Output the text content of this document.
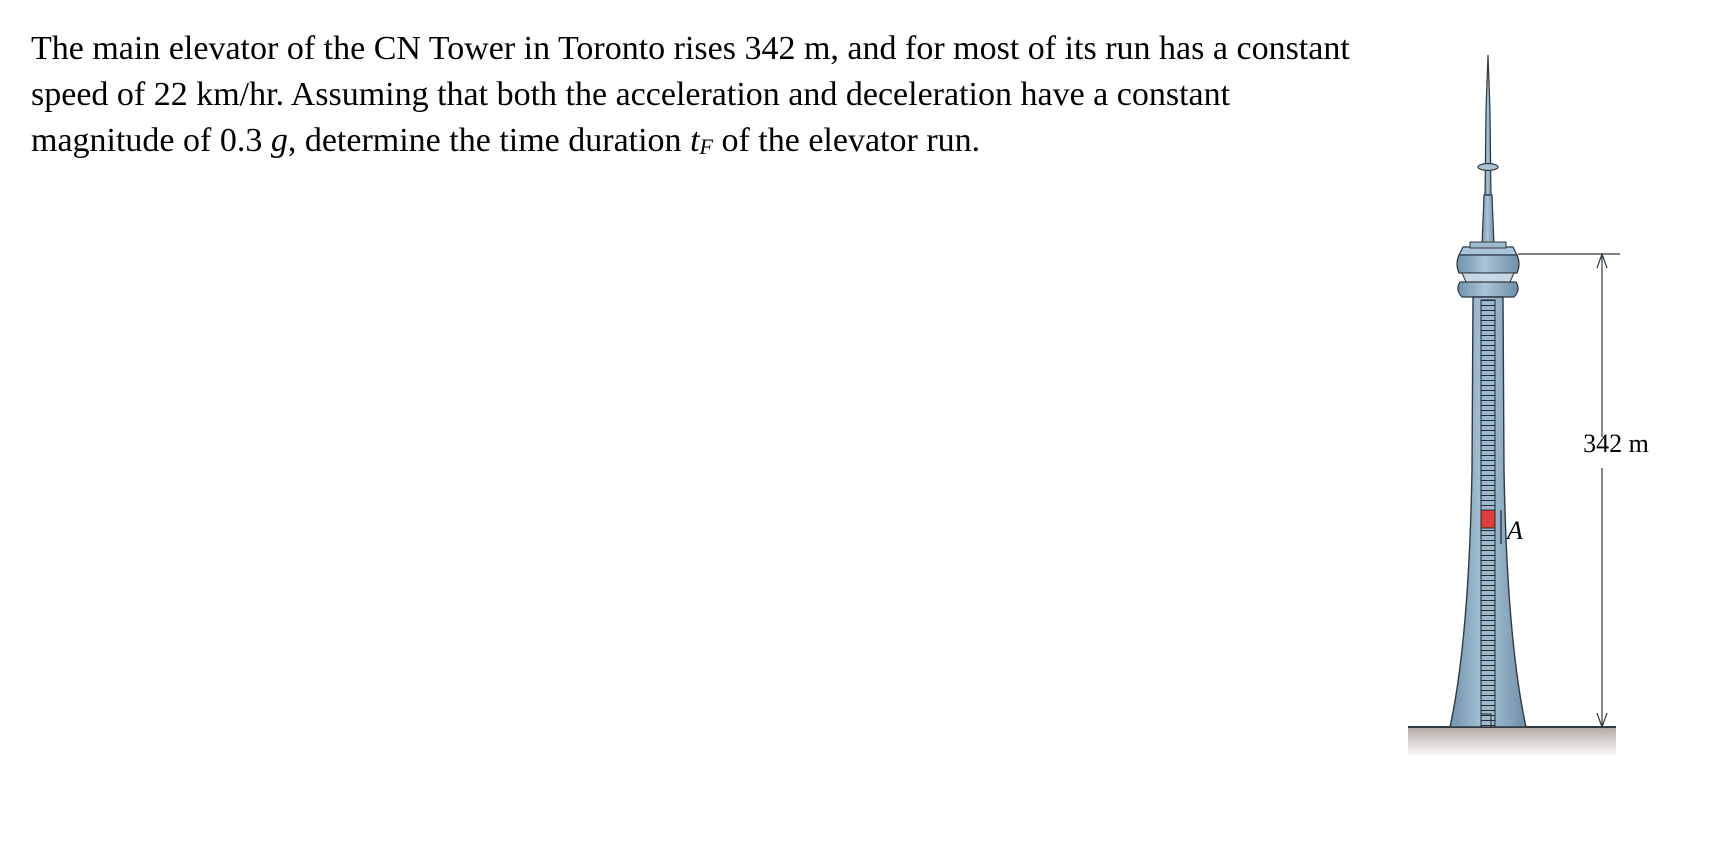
The main elevator of the CN Tower in Toronto rises 342 m, and for most of its run has a constant speed of 22 km/hr. Assuming that both the acceleration and deceleration have a constant magnitude of 0.3 g, determine the time duration tF of the elevator run.

A
342 m
